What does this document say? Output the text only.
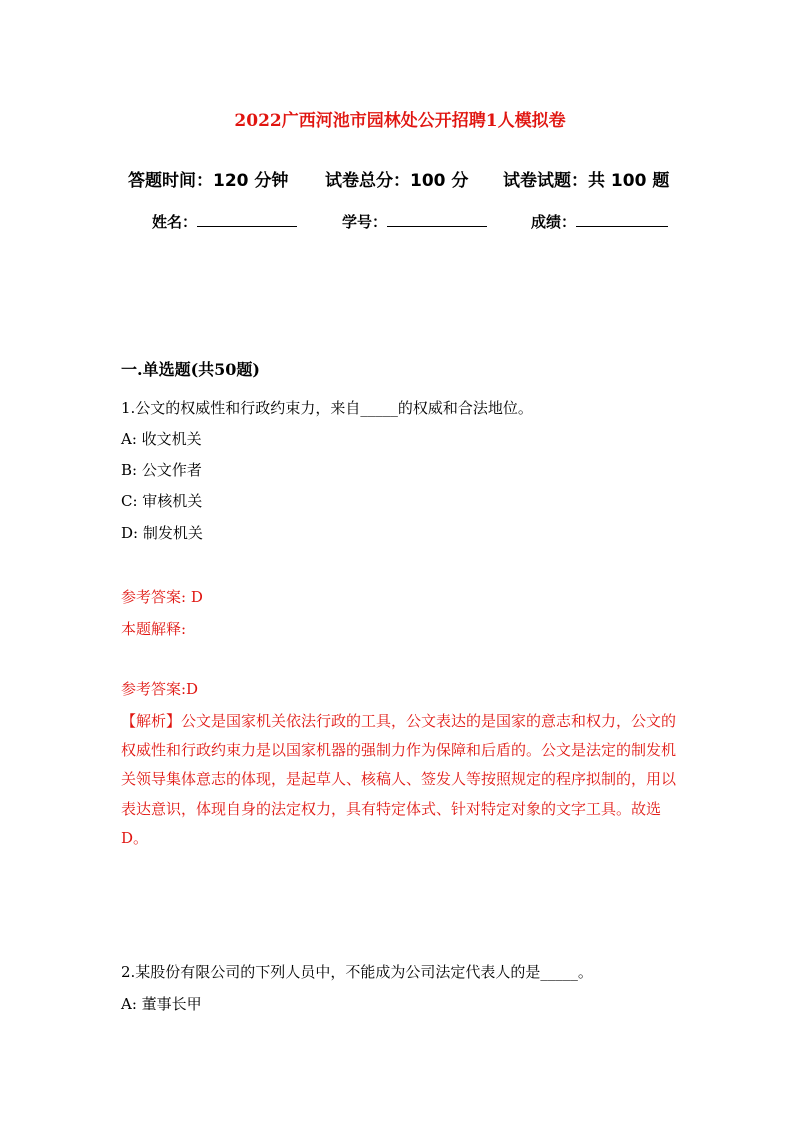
2022广西河池市园林处公开招聘1人模拟卷
答题时间：120 分钟 试卷总分：100 分 试卷试题：共 100 题
姓名：	学号：	成绩：
一.单选题(共50题)
1.公文的权威性和行政约束力，来自_____的权威和合法地位。
A: 收文机关
B: 公文作者
C: 审核机关
D: 制发机关
参考答案: D
本题解释:
参考答案:D
【解析】公文是国家机关依法行政的工具，公文表达的是国家的意志和权力，公文的权威性和行政约束力是以国家机器的强制力作为保障和后盾的。公文是法定的制发机关领导集体意志的体现，是起草人、核稿人、签发人等按照规定的程序拟制的，用以表达意识，体现自身的法定权力，具有特定体式、针对特定对象的文字工具。故选D。
2.某股份有限公司的下列人员中，不能成为公司法定代表人的是_____。
A: 董事长甲
